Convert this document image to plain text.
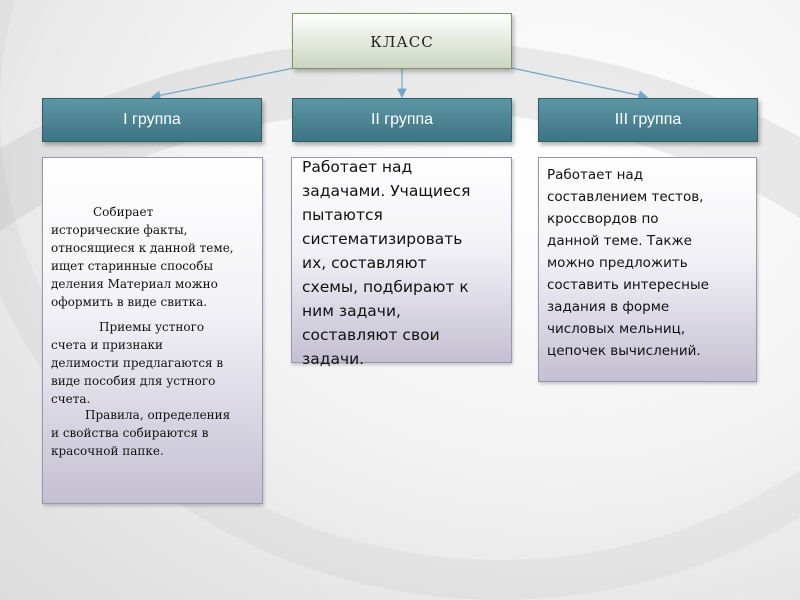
КЛАСС
I группа	II группа	III группа

Собирает
исторические факты,
относящиеся к данной теме,
ищет старинные способы
деления Материал можно
оформить в виде свитка.

Приемы устного
счета и признаки
делимости предлагаются в
виде пособия для устного
счета.

Правила, определения
и свойства собираются в
красочной папке.

Работает над
задачами. Учащиеся
пытаются
систематизировать
их, составляют
схемы, подбирают к
ним задачи,
составляют свои
задачи.

Работает над
составлением тестов,
кроссвордов по
данной теме. Также
можно предложить
составить интересные
задания в форме
числовых мельниц,
цепочек вычислений.
